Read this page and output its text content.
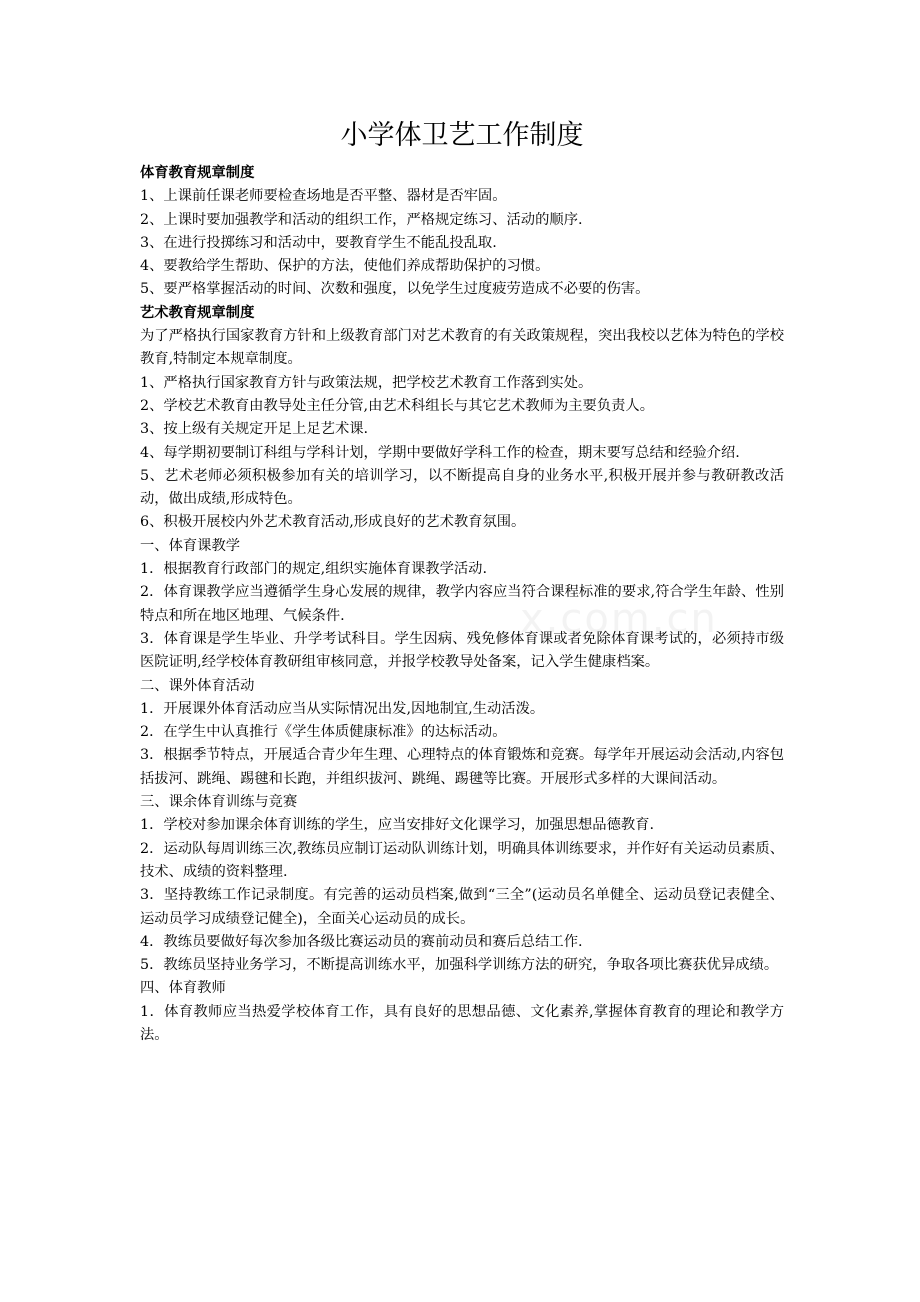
小学体卫艺工作制度

体育教育规章制度

1、上课前任课老师要检查场地是否平整、器材是否牢固。

2、上课时要加强教学和活动的组织工作，严格规定练习、活动的顺序.

3、在进行投掷练习和活动中，要教育学生不能乱投乱取.

4、要教给学生帮助、保护的方法，使他们养成帮助保护的习惯。

5、要严格掌握活动的时间、次数和强度，以免学生过度疲劳造成不必要的伤害。

艺术教育规章制度

为了严格执行国家教育方针和上级教育部门对艺术教育的有关政策规程，突出我校以艺体为特色的学校教育,特制定本规章制度。

1、严格执行国家教育方针与政策法规，把学校艺术教育工作落到实处。

2、学校艺术教育由教导处主任分管,由艺术科组长与其它艺术教师为主要负责人。

3、按上级有关规定开足上足艺术课.

4、每学期初要制订科组与学科计划，学期中要做好学科工作的检查，期末要写总结和经验介绍.

5、艺术老师必须积极参加有关的培训学习，以不断提高自身的业务水平,积极开展并参与教研教改活动，做出成绩,形成特色。

6、积极开展校内外艺术教育活动,形成良好的艺术教育氛围。

一、体育课教学

1．根据教育行政部门的规定,组织实施体育课教学活动.

2．体育课教学应当遵循学生身心发展的规律，教学内容应当符合课程标准的要求,符合学生年龄、性别特点和所在地区地理、气候条件.

3．体育课是学生毕业、升学考试科目。学生因病、残免修体育课或者免除体育课考试的，必须持市级医院证明,经学校体育教研组审核同意，并报学校教导处备案，记入学生健康档案。

二、课外体育活动

1．开展课外体育活动应当从实际情况出发,因地制宜,生动活泼。

2．在学生中认真推行《学生体质健康标准》的达标活动。

3．根据季节特点，开展适合青少年生理、心理特点的体育锻炼和竞赛。每学年开展运动会活动,内容包括拔河、跳绳、踢毽和长跑，并组织拔河、跳绳、踢毽等比赛。开展形式多样的大课间活动。

三、课余体育训练与竞赛

1．学校对参加课余体育训练的学生，应当安排好文化课学习，加强思想品德教育.

2．运动队每周训练三次,教练员应制订运动队训练计划，明确具体训练要求，并作好有关运动员素质、技术、成绩的资料整理.

3．坚持教练工作记录制度。有完善的运动员档案,做到“三全”(运动员名单健全、运动员登记表健全、运动员学习成绩登记健全)，全面关心运动员的成长。

4．教练员要做好每次参加各级比赛运动员的赛前动员和赛后总结工作.

5．教练员坚持业务学习，不断提高训练水平，加强科学训练方法的研究，争取各项比赛获优异成绩。

四、体育教师

1．体育教师应当热爱学校体育工作，具有良好的思想品德、文化素养,掌握体育教育的理论和教学方法。

x.com.cn
